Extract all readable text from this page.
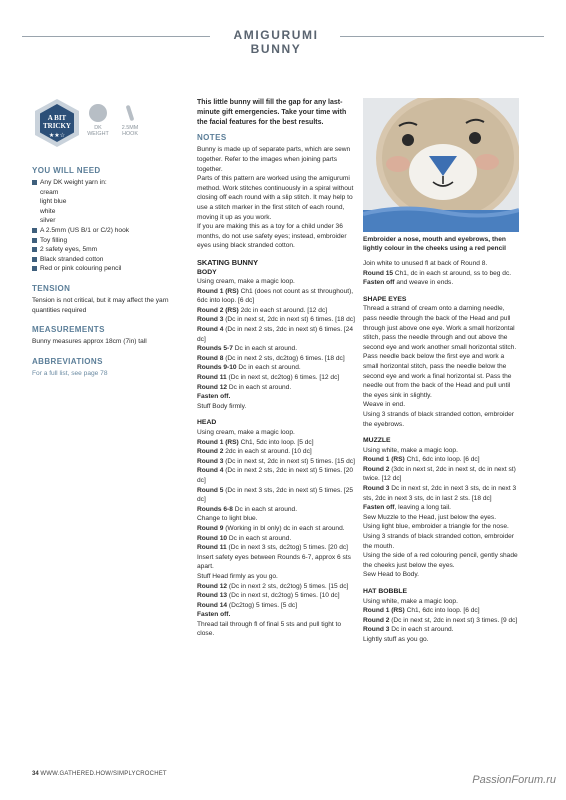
AMIGURUMI BUNNY
A BIT
TRICKY
★★☆
DK WEIGHT
2.5MM HOOK
YOU WILL NEED
Any DK weight yarn in:
cream
light blue
white
silver
A 2.5mm (US B/1 or C/2) hook
Toy filling
2 safety eyes, 5mm
Black stranded cotton
Red or pink colouring pencil
TENSION

Tension is not critical, but it may affect the yarn quantities required

MEASUREMENTS

Bunny measures approx 18cm (7in) tall

ABBREVIATIONS

For a full list, see page 78

This little bunny will fill the gap for any last-minute gift emergencies. Take your time with the facial features for the best results.

NOTES

Bunny is made up of separate parts, which are sewn together. Refer to the images when joining parts together.

Parts of this pattern are worked using the amigurumi method. Work stitches continuously in a spiral without closing off each round with a slip stitch. It may help to use a stitch marker in the first stitch of each round, moving it up as you work.

If you are making this as a toy for a child under 36 months, do not use safety eyes; instead, embroider eyes using black stranded cotton.

SKATING BUNNY
BODY

Using cream, make a magic loop.

Round 1 (RS) Ch1 (does not count as st throughout), 6dc into loop. [6 dc]

Round 2 (RS) 2dc in each st around. [12 dc]

Round 3 (Dc in next st, 2dc in next st) 6 times. [18 dc]

Round 4 (Dc in next 2 sts, 2dc in next st) 6 times. [24 dc]

Rounds 5-7 Dc in each st around.

Round 8 (Dc in next 2 sts, dc2tog) 6 times. [18 dc]

Rounds 9-10 Dc in each st around.

Round 11 (Dc in next st, dc2tog) 6 times. [12 dc]

Round 12 Dc in each st around.

Fasten off.

Stuff Body firmly.

HEAD

Using cream, make a magic loop.

Round 1 (RS) Ch1, 5dc into loop. [5 dc]

Round 2 2dc in each st around. [10 dc]

Round 3 (Dc in next st, 2dc in next st) 5 times. [15 dc]

Round 4 (Dc in next 2 sts, 2dc in next st) 5 times. [20 dc]

Round 5 (Dc in next 3 sts, 2dc in next st) 5 times. [25 dc]

Rounds 6-8 Dc in each st around.

Change to light blue.

Round 9 (Working in bl only) dc in each st around.

Round 10 Dc in each st around.

Round 11 (Dc in next 3 sts, dc2tog) 5 times. [20 dc]

Insert safety eyes between Rounds 6-7, approx 6 sts apart.

Stuff Head firmly as you go.

Round 12 (Dc in next 2 sts, dc2tog) 5 times. [15 dc]

Round 13 (Dc in next st, dc2tog) 5 times. [10 dc]

Round 14 (Dc2tog) 5 times. [5 dc]

Fasten off.

Thread tail through fl of final 5 sts and pull tight to close.

Embroider a nose, mouth and eyebrows, then lightly colour in the cheeks using a red pencil

Join white to unused fl at back of Round 8.

Round 15 Ch1, dc in each st around, ss to beg dc.

Fasten off and weave in ends.

SHAPE EYES

Thread a strand of cream onto a darning needle, pass needle through the back of the Head and pull through just above one eye. Work a small horizontal stitch, pass the needle through and out above the second eye and work another small horizontal stitch. Pass needle back below the first eye and work a small horizontal stitch, pass the needle below the second eye and work a final horizontal st. Pass the needle out from the back of the Head and pull until the eyes sink in slightly.

Weave in end.

Using 3 strands of black stranded cotton, embroider the eyebrows.

MUZZLE

Using white, make a magic loop.

Round 1 (RS) Ch1, 6dc into loop. [6 dc]

Round 2 (3dc in next st, 2dc in next st, dc in next st) twice. [12 dc]

Round 3 Dc in next st, 2dc in next 3 sts, dc in next 3 sts, 2dc in next 3 sts, dc in last 2 sts. [18 dc]

Fasten off, leaving a long tail.

Sew Muzzle to the Head, just below the eyes.

Using light blue, embroider a triangle for the nose.

Using 3 strands of black stranded cotton, embroider the mouth.

Using the side of a red colouring pencil, gently shade the cheeks just below the eyes.

Sew Head to Body.

HAT BOBBLE

Using white, make a magic loop.

Round 1 (RS) Ch1, 6dc into loop. [6 dc]

Round 2 (Dc in next st, 2dc in next st) 3 times. [9 dc]

Round 3 Dc in each st around.

Lightly stuff as you go.

34 WWW.GATHERED.HOW/SIMPLYCROCHET	PassionForum.ru
